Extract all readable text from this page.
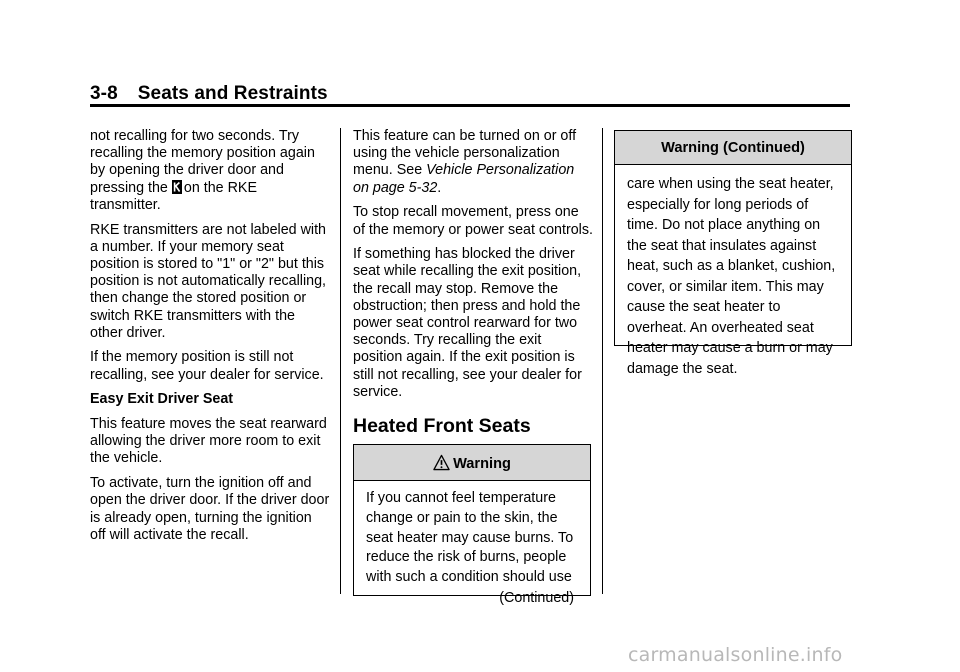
3-8 Seats and Restraints

not recalling for two seconds. Try recalling the memory position again by opening the driver door and pressing the on the RKE transmitter.

RKE transmitters are not labeled with a number. If your memory seat position is stored to "1" or "2" but this position is not automatically recalling, then change the stored position or switch RKE transmitters with the other driver.

If the memory position is still not recalling, see your dealer for service.

Easy Exit Driver Seat

This feature moves the seat rearward allowing the driver more room to exit the vehicle.

To activate, turn the ignition off and open the driver door. If the driver door is already open, turning the ignition off will activate the recall.

This feature can be turned on or off using the vehicle personalization menu. See Vehicle Personalization on page 5-32.

To stop recall movement, press one of the memory or power seat controls.

If something has blocked the driver seat while recalling the exit position, the recall may stop. Remove the obstruction; then press and hold the power seat control rearward for two seconds. Try recalling the exit position again. If the exit position is still not recalling, see your dealer for service.

Heated Front Seats
Warning
If you cannot feel temperature change or pain to the skin, the seat heater may cause burns. To reduce the risk of burns, people with such a condition should use
(Continued)
Warning (Continued)
care when using the seat heater, especially for long periods of time. Do not place anything on the seat that insulates against heat, such as a blanket, cushion, cover, or similar item. This may cause the seat heater to overheat. An overheated seat heater may cause a burn or may damage the seat.
carmanualsonline.info
